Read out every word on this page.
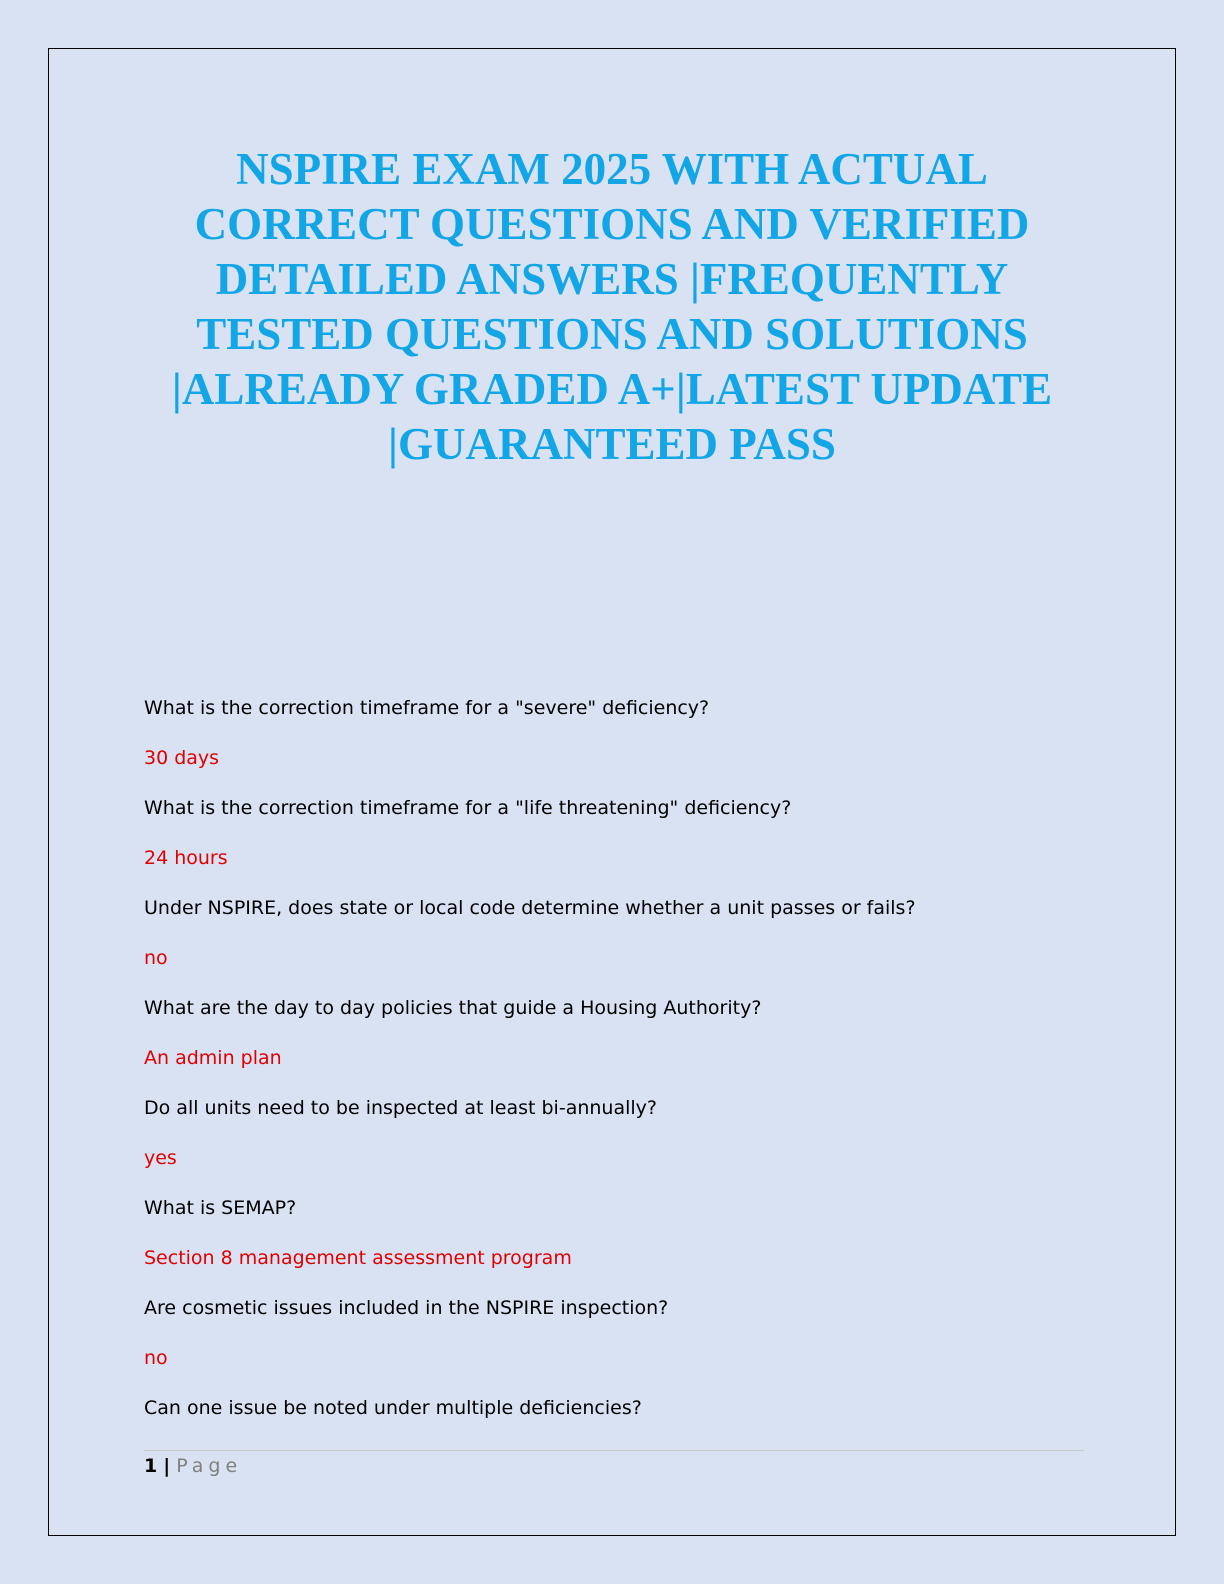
NSPIRE EXAM 2025 WITH ACTUAL
CORRECT QUESTIONS AND VERIFIED
DETAILED ANSWERS |FREQUENTLY
TESTED QUESTIONS AND SOLUTIONS
|ALREADY GRADED A+|LATEST UPDATE
|GUARANTEED PASS
What is the correction timeframe for a "severe" deficiency?
30 days
What is the correction timeframe for a "life threatening" deficiency?
24 hours
Under NSPIRE, does state or local code determine whether a unit passes or fails?
no
What are the day to day policies that guide a Housing Authority?
An admin plan
Do all units need to be inspected at least bi-annually?
yes
What is SEMAP?
Section 8 management assessment program
Are cosmetic issues included in the NSPIRE inspection?
no
Can one issue be noted under multiple deficiencies?
1 | Page
